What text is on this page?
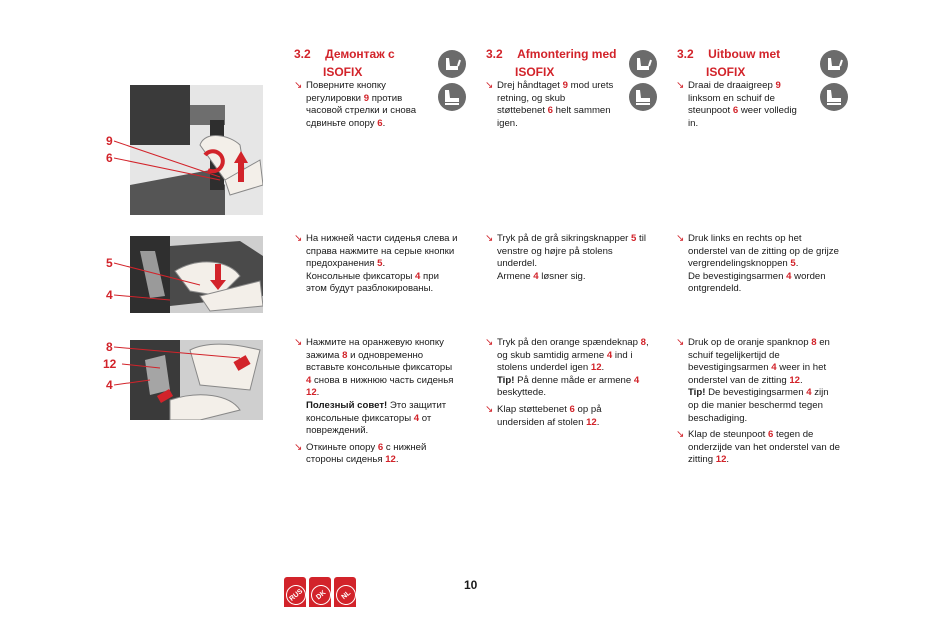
9
6
5
4
8
12
4
3.2 Демонтаж с
ISOFIX
3.2 Afmontering med
ISOFIX
3.2 Uitbouw met
ISOFIX
↘ Поверните кнопку
регулировки 9 против
часовой стрелки и снова
сдвиньте опору 6.
↘ На нижней части сиденья слева и
справа нажмите на серые кнопки
предохранения 5.
Консольные фиксаторы 4 при
этом будут разблокированы.
↘ Нажмите на оранжевую кнопку
зажима 8 и одновременно
вставьте консольные фиксаторы
4 снова в нижнюю часть сиденья
12.
Полезный совет! Это защитит
консольные фиксаторы 4 от
повреждений.
↘ Откиньте опору 6 с нижней
стороны сиденья 12.
↘ Drej håndtaget 9 mod urets
retning, og skub
støttebenet 6 helt sammen
igen.
↘ Tryk på de grå sikringsknapper 5 til
venstre og højre på stolens
underdel.
Armene 4 løsner sig.
↘ Tryk på den orange spændeknap 8,
og skub samtidig armene 4 ind i
stolens underdel igen 12.
Tip! På denne måde er armene 4
beskyttede.
↘ Klap støttebenet 6 op på
undersiden af stolen 12.
↘ Draai de draaigreep 9
linksom en schuif de
steunpoot 6 weer volledig
in.
↘ Druk links en rechts op het
onderstel van de zitting op de grijze
vergrendelingsknoppen 5.
De bevestigingsarmen 4 worden
ontgrendeld.
↘ Druk op de oranje spanknop 8 en
schuif tegelijkertijd de
bevestigingsarmen 4 weer in het
onderstel van de zitting 12.
Tip! De bevestigingsarmen 4 zijn
op die manier beschermd tegen
beschadiging.
↘ Klap de steunpoot 6 tegen de
onderzijde van het onderstel van de
zitting 12.
RUS	DK	NL
10
